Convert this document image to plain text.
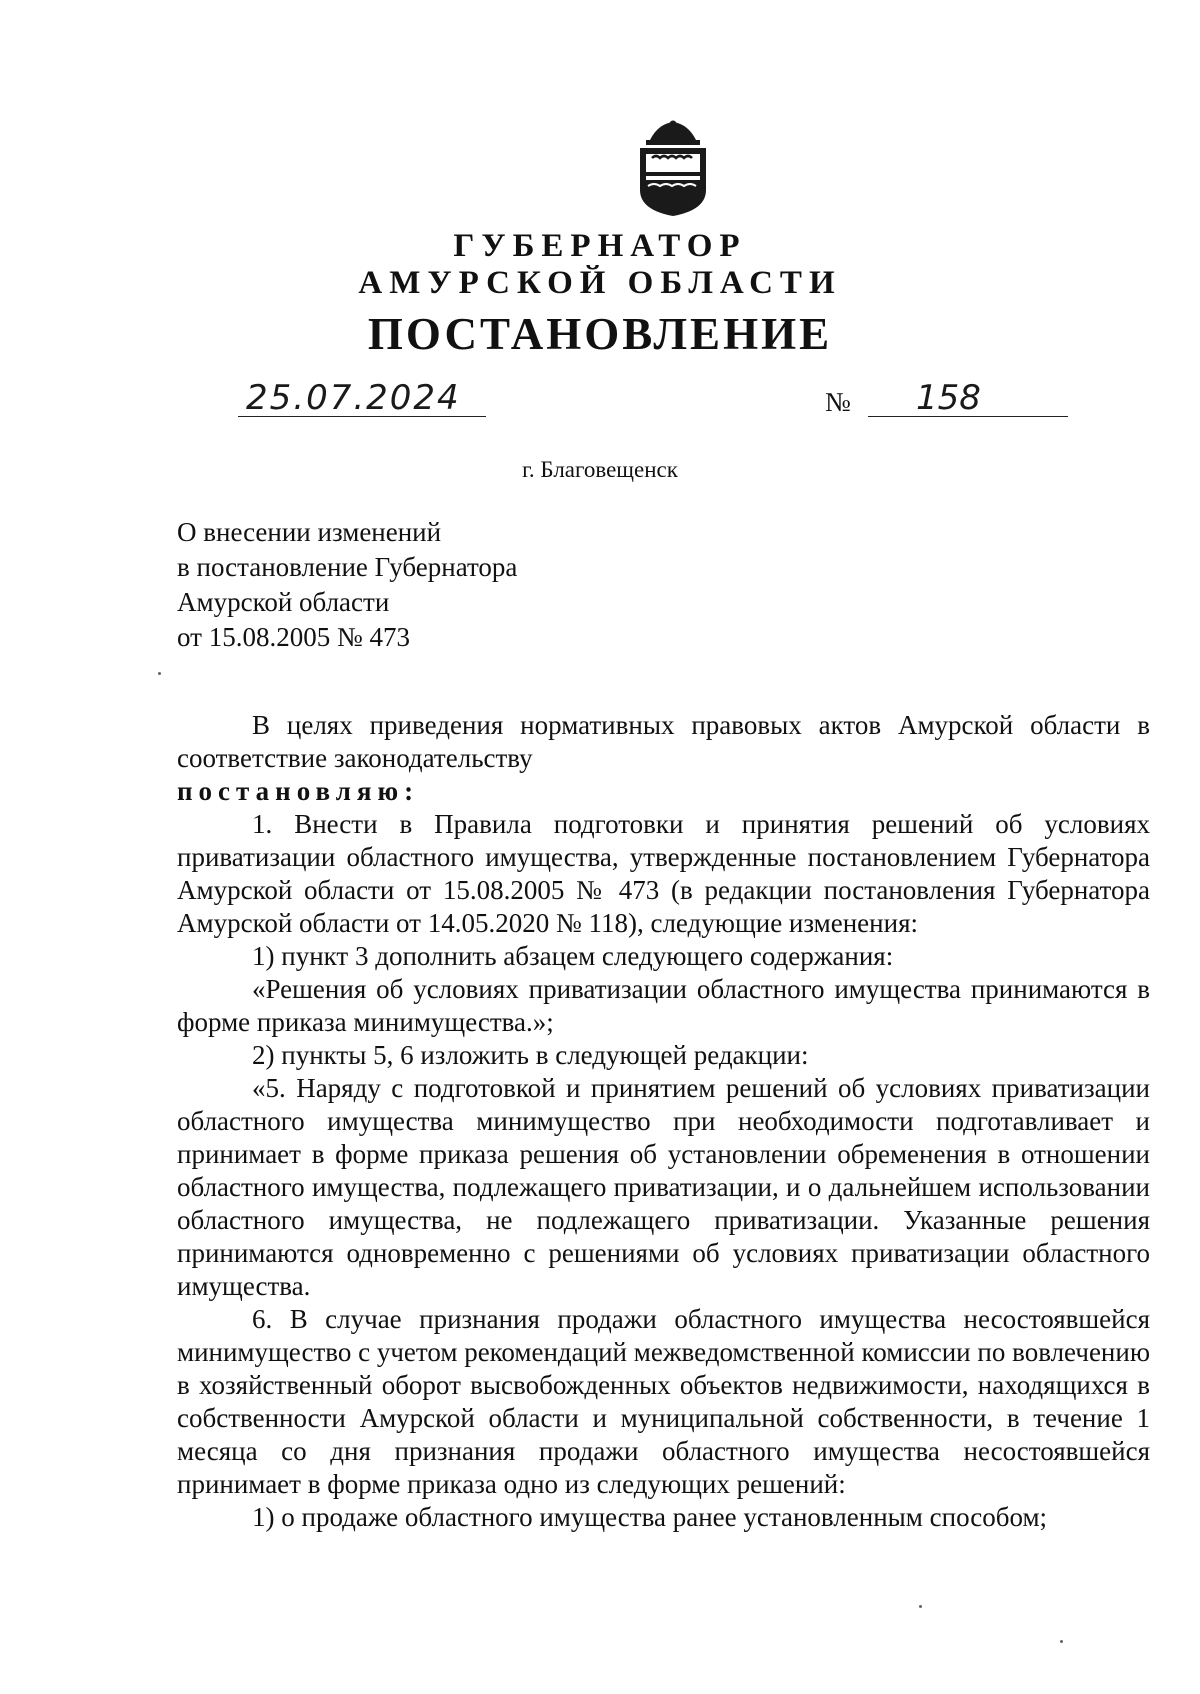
ГУБЕРНАТОР
АМУРСКОЙ ОБЛАСТИ
ПОСТАНОВЛЕНИЕ
25.07.2024	№ 158
г. Благовещенск
О внесении изменений
в постановление Губернатора
Амурской области
от 15.08.2005 № 473

В целях приведения нормативных правовых актов Амурской области в соответствие законодательству

постановляю:

1. Внести в Правила подготовки и принятия решений об условиях приватизации областного имущества, утвержденные постановлением Губернатора Амурской области от 15.08.2005 № 473 (в редакции постановления Губернатора Амурской области от 14.05.2020 № 118), следующие изменения:

1) пункт 3 дополнить абзацем следующего содержания:

«Решения об условиях приватизации областного имущества принимаются в форме приказа минимущества.»;

2) пункты 5, 6 изложить в следующей редакции:

«5. Наряду с подготовкой и принятием решений об условиях приватизации областного имущества минимущество при необходимости подготавливает и принимает в форме приказа решения об установлении обременения в отношении областного имущества, подлежащего приватизации, и о дальнейшем использовании областного имущества, не подлежащего приватизации. Указанные решения принимаются одновременно с решениями об условиях приватизации областного имущества.

6. В случае признания продажи областного имущества несостоявшейся минимущество с учетом рекомендаций межведомственной комиссии по вовлечению в хозяйственный оборот высвобожденных объектов недвижимости, находящихся в собственности Амурской области и муниципальной собственности, в течение 1 месяца со дня признания продажи областного имущества несостоявшейся принимает в форме приказа одно из следующих решений:

1) о продаже областного имущества ранее установленным способом;
